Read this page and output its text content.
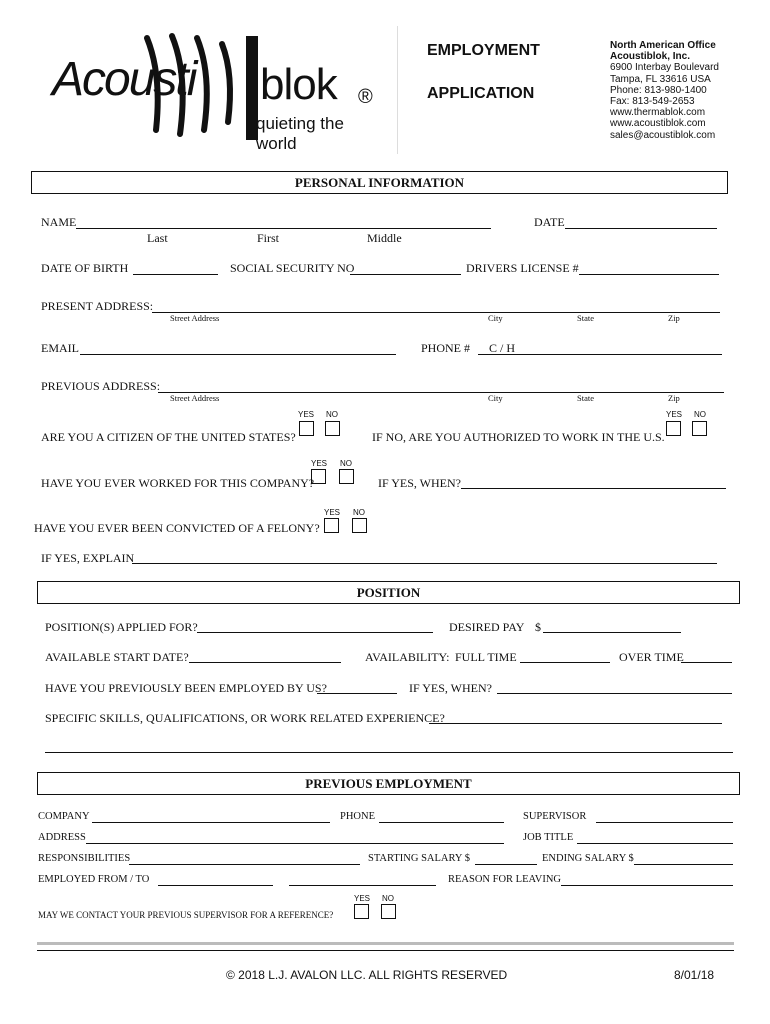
Acousti blok ®
quieting the world
EMPLOYMENT
APPLICATION
North American Office
Acoustiblok, Inc.
6900 Interbay Boulevard
Tampa, FL 33616 USA
Phone: 813-980-1400
Fax: 813-549-2653
www.thermablok.com
www.acoustiblok.com
sales@acoustiblok.com
PERSONAL INFORMATION
NAME	DATE
Last	First	Middle
DATE OF BIRTH	SOCIAL SECURITY NO	DRIVERS LICENSE #
PRESENT ADDRESS:
Street Address	City	State	Zip
EMAIL	PHONE # C / H
PREVIOUS ADDRESS:
Street Address	City	State	Zip
YES NO
ARE YOU A CITIZEN OF THE UNITED STATES?	IF NO, ARE YOU AUTHORIZED TO WORK IN THE U.S.
YES NO
YES NO
HAVE YOU EVER WORKED FOR THIS COMPANY?	IF YES, WHEN?
YES NO
HAVE YOU EVER BEEN CONVICTED OF A FELONY?
IF YES, EXPLAIN
POSITION
POSITION(S) APPLIED FOR?	DESIRED PAY $
AVAILABLE START DATE?	AVAILABILITY: FULL TIME	OVER TIME
HAVE YOU PREVIOUSLY BEEN EMPLOYED BY US?	IF YES, WHEN?
SPECIFIC SKILLS, QUALIFICATIONS, OR WORK RELATED EXPERIENCE?
PREVIOUS EMPLOYMENT
COMPANY	PHONE	SUPERVISOR
ADDRESS	JOB TITLE
RESPONSIBILITIES	STARTING SALARY $	ENDING SALARY $
EMPLOYED FROM / TO	REASON FOR LEAVING
YES NO
MAY WE CONTACT YOUR PREVIOUS SUPERVISOR FOR A REFERENCE?
© 2018 L.J. AVALON LLC. ALL RIGHTS RESERVED	8/01/18
